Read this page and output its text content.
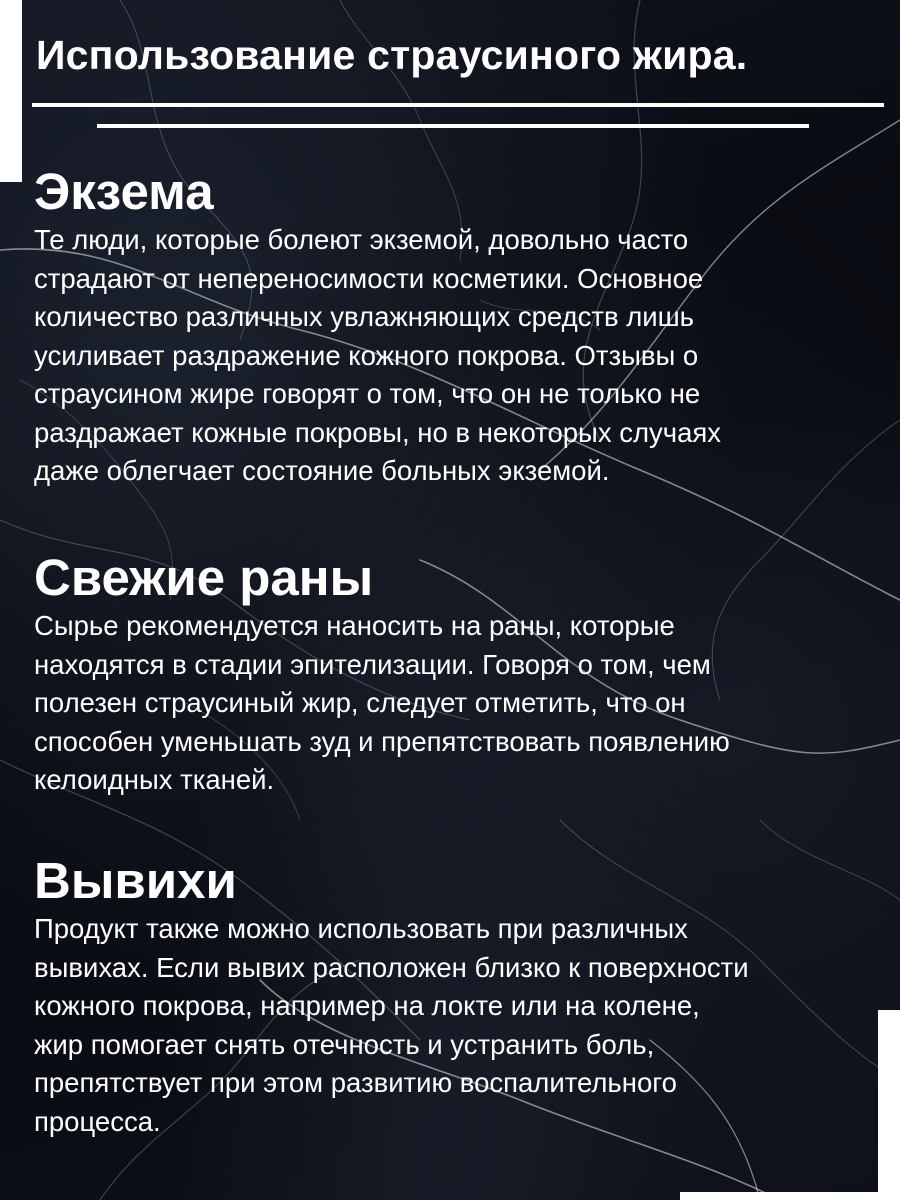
Использование страусиного жира.
Экзема

Те люди, которые болеют экземой, довольно часто
страдают от непереносимости косметики. Основное
количество различных увлажняющих средств лишь
усиливает раздражение кожного покрова. Отзывы о
страусином жире говорят о том, что он не только не
раздражает кожные покровы, но в некоторых случаях
даже облегчает состояние больных экземой.

Свежие раны

Сырье рекомендуется наносить на раны, которые
находятся в стадии эпителизации. Говоря о том, чем
полезен страусиный жир, следует отметить, что он
способен уменьшать зуд и препятствовать появлению
келоидных тканей.

Вывихи

Продукт также можно использовать при различных
вывихах. Если вывих расположен близко к поверхности
кожного покрова, например на локте или на колене,
жир помогает снять отечность и устранить боль,
препятствует при этом развитию воспалительного
процесса.
